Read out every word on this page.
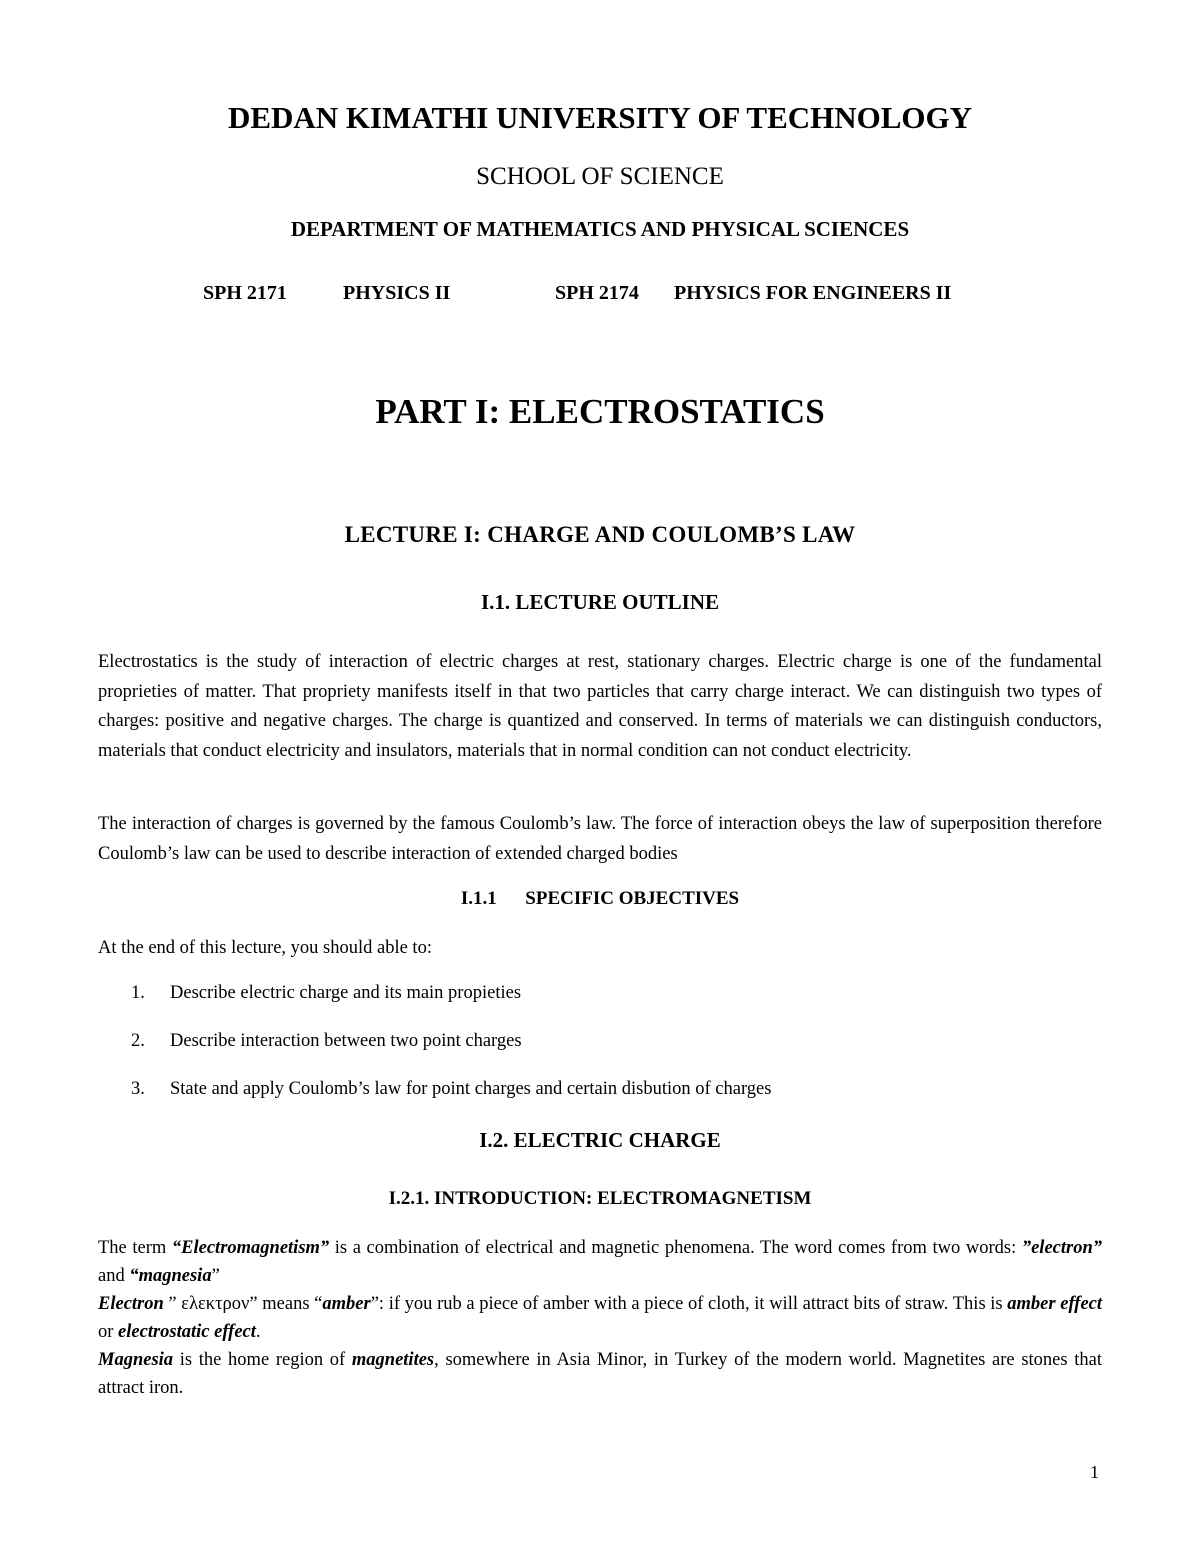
DEDAN KIMATHI UNIVERSITY OF TECHNOLOGY
SCHOOL OF SCIENCE
DEPARTMENT OF MATHEMATICS AND PHYSICAL SCIENCES
SPH 2171	PHYSICS II	SPH 2174 PHYSICS FOR ENGINEERS II
PART I: ELECTROSTATICS
LECTURE I: CHARGE AND COULOMB’S LAW
I.1. LECTURE OUTLINE
Electrostatics is the study of interaction of electric charges at rest, stationary charges. Electric charge is one of the fundamental proprieties of matter. That propriety manifests itself in that two particles that carry charge interact. We can distinguish two types of charges: positive and negative charges. The charge is quantized and conserved. In terms of materials we can distinguish conductors, materials that conduct electricity and insulators, materials that in normal condition can not conduct electricity.
The interaction of charges is governed by the famous Coulomb’s law. The force of interaction obeys the law of superposition therefore Coulomb’s law can be used to describe interaction of extended charged bodies
I.1.1      SPECIFIC OBJECTIVES
At the end of this lecture, you should able to:
1.	Describe electric charge and its main propieties
2.	Describe interaction between two point charges
3.	State and apply Coulomb’s law for point charges and certain disbution of charges
I.2. ELECTRIC CHARGE
I.2.1. INTRODUCTION: ELECTROMAGNETISM
The term “Electromagnetism” is a combination of electrical and magnetic phenomena. The word comes from two words: ”electron” and “magnesia”
Electron ” ελεκτρον” means “amber”: if you rub a piece of amber with a piece of cloth, it will attract bits of straw. This is amber effect or electrostatic effect.
Magnesia is the home region of magnetites, somewhere in Asia Minor, in Turkey of the modern world. Magnetites are stones that attract iron.
1
